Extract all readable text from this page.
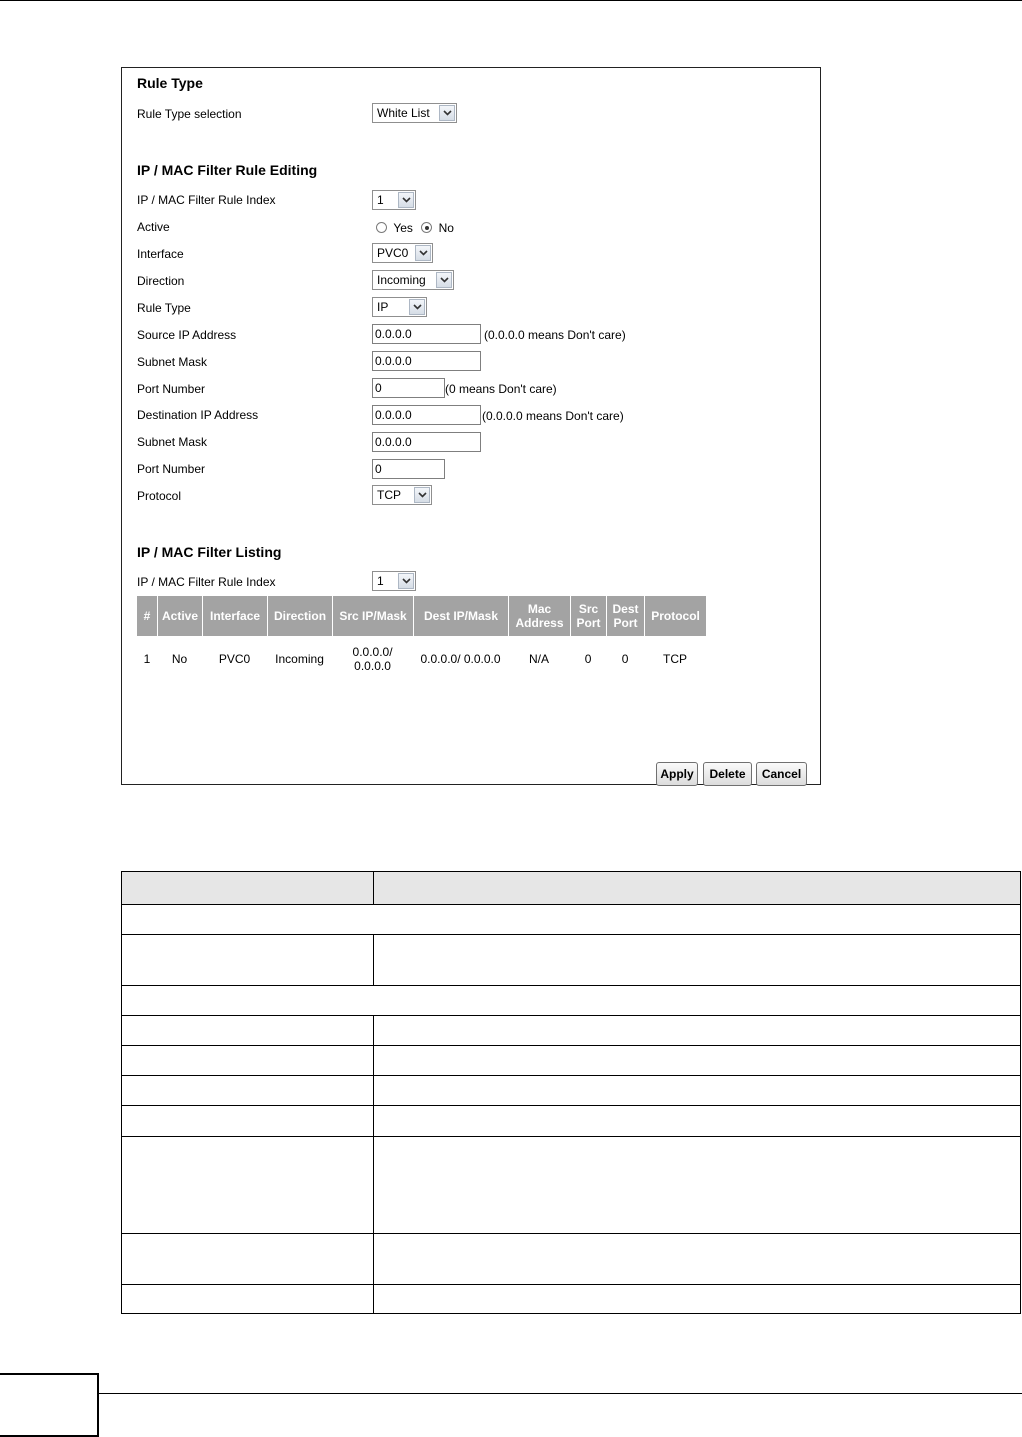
Rule Type
Rule Type selection	White List
IP / MAC Filter Rule Editing
IP / MAC Filter Rule Index	1
Active	Yes No
Interface	PVC0
Direction	Incoming
Rule Type	IP
Source IP Address	0.0.0.0	(0.0.0.0 means Don't care)
Subnet Mask	0.0.0.0
Port Number	0	(0 means Don't care)
Destination IP Address	0.0.0.0	(0.0.0.0 means Don't care)
Subnet Mask	0.0.0.0
Port Number	0
Protocol	TCP
IP / MAC Filter Listing
IP / MAC Filter Rule Index	1
#	Active	Interface	Direction	Src IP/Mask	Dest IP/Mask	Mac Address	Src Port	Dest Port	Protocol
1	No	PVC0	Incoming	0.0.0.0/ 0.0.0.0	0.0.0.0/ 0.0.0.0	N/A	0	0	TCP
Apply	Delete	Cancel
